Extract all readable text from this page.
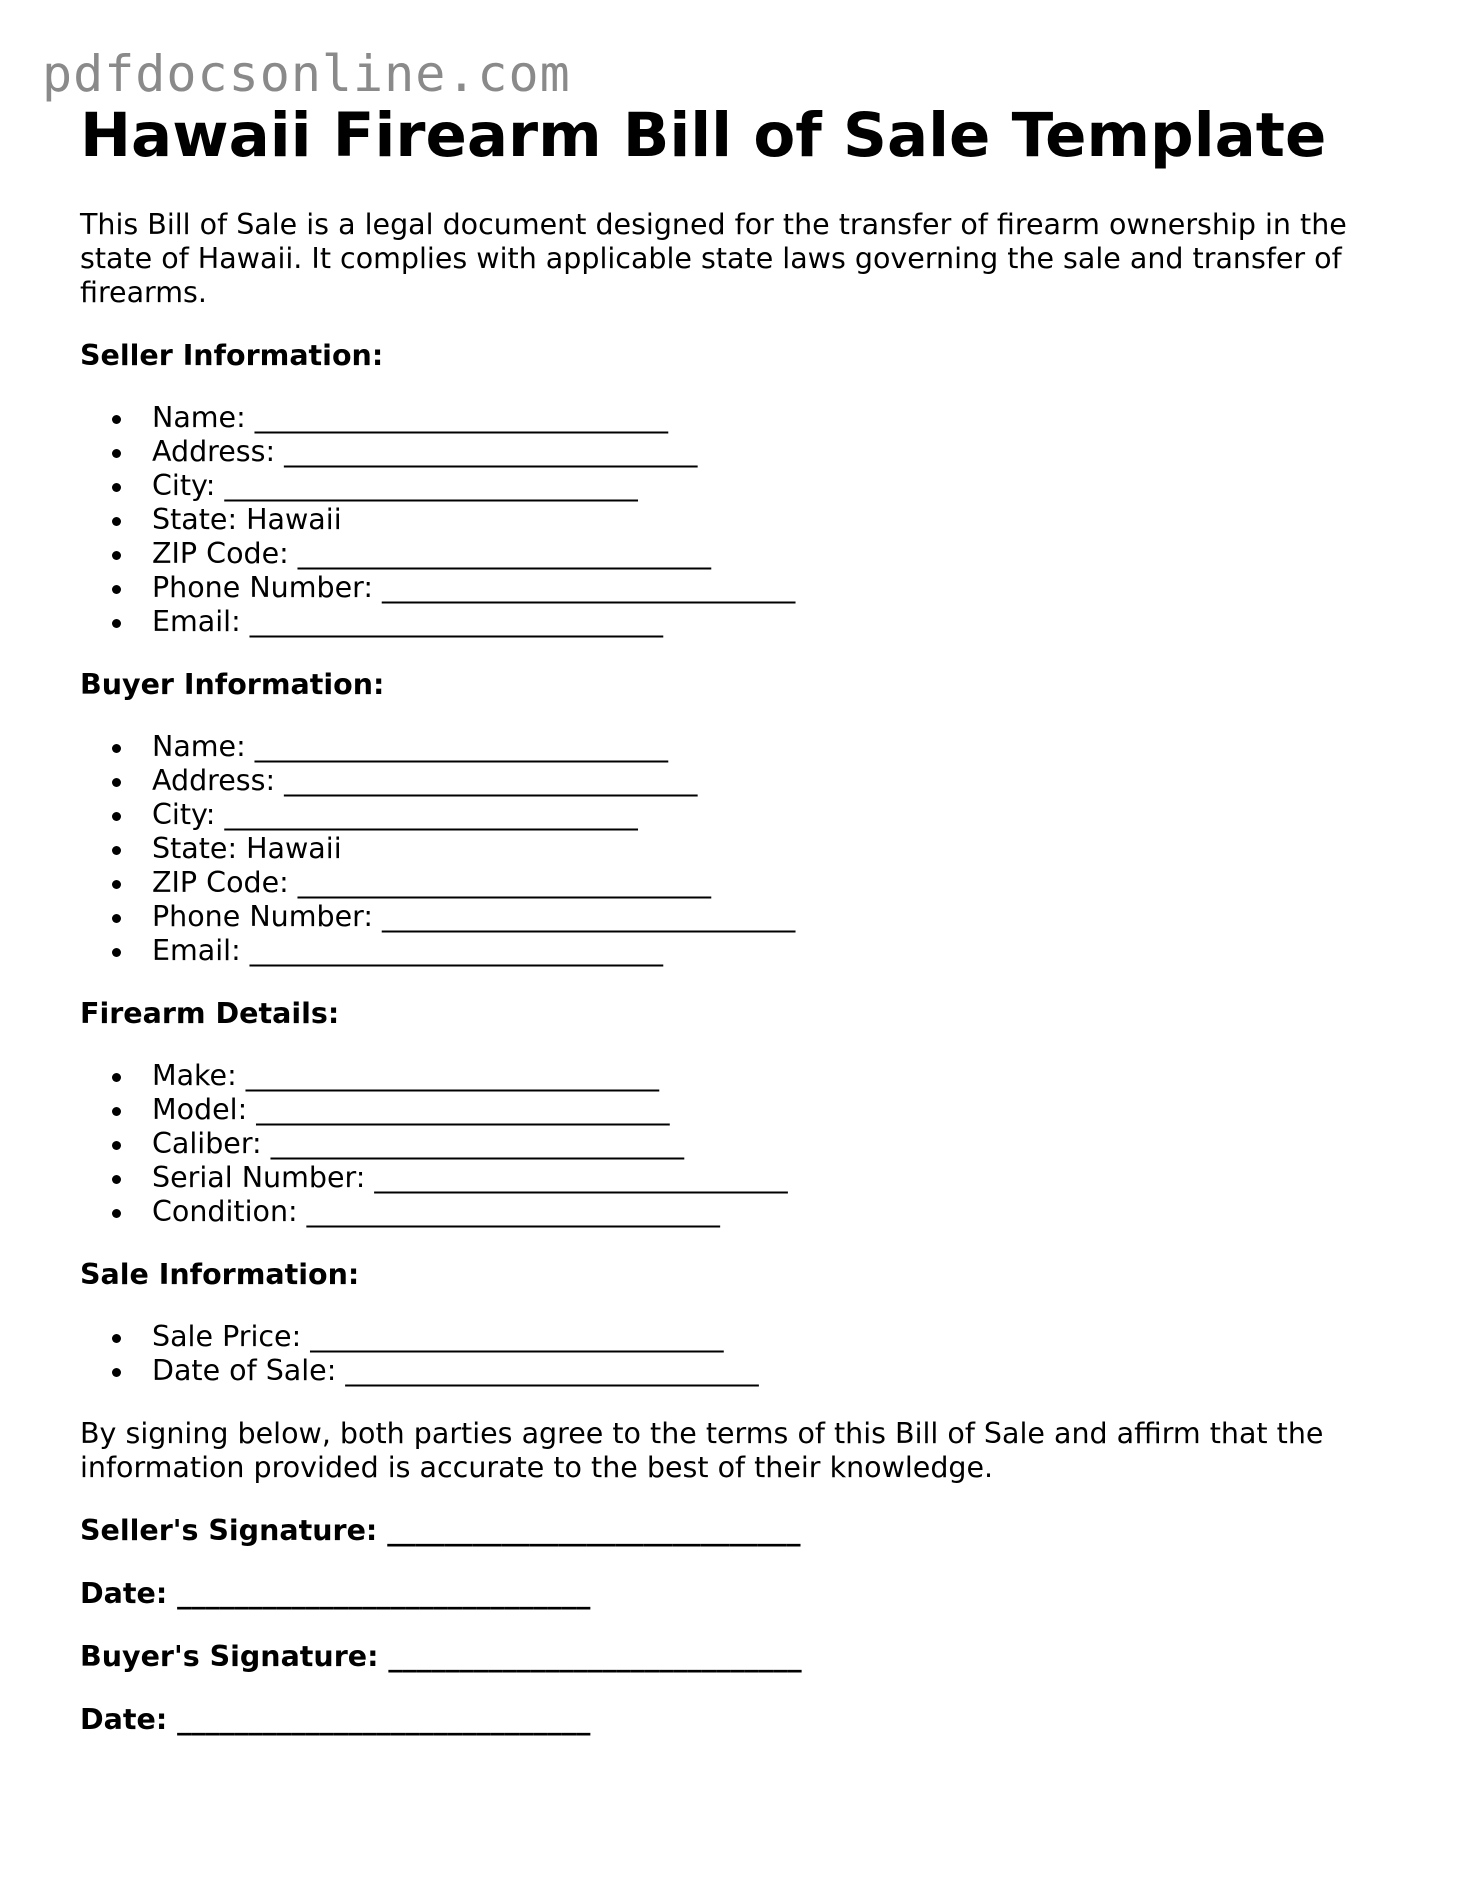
pdfdocsonline.com
Hawaii Firearm Bill of Sale Template

This Bill of Sale is a legal document designed for the transfer of firearm ownership in the state of Hawaii. It complies with applicable state laws governing the sale and transfer of firearms.

Seller Information:

Name: _____________________________
Address: _____________________________
City: _____________________________
State: Hawaii
ZIP Code: _____________________________
Phone Number: _____________________________
Email: _____________________________

Buyer Information:

Name: _____________________________
Address: _____________________________
City: _____________________________
State: Hawaii
ZIP Code: _____________________________
Phone Number: _____________________________
Email: _____________________________

Firearm Details:

Make: _____________________________
Model: _____________________________
Caliber: _____________________________
Serial Number: _____________________________
Condition: _____________________________

Sale Information:

Sale Price: _____________________________
Date of Sale: _____________________________

By signing below, both parties agree to the terms of this Bill of Sale and affirm that the information provided is accurate to the best of their knowledge.

Seller's Signature: _____________________________

Date: _____________________________

Buyer's Signature: _____________________________

Date: _____________________________
